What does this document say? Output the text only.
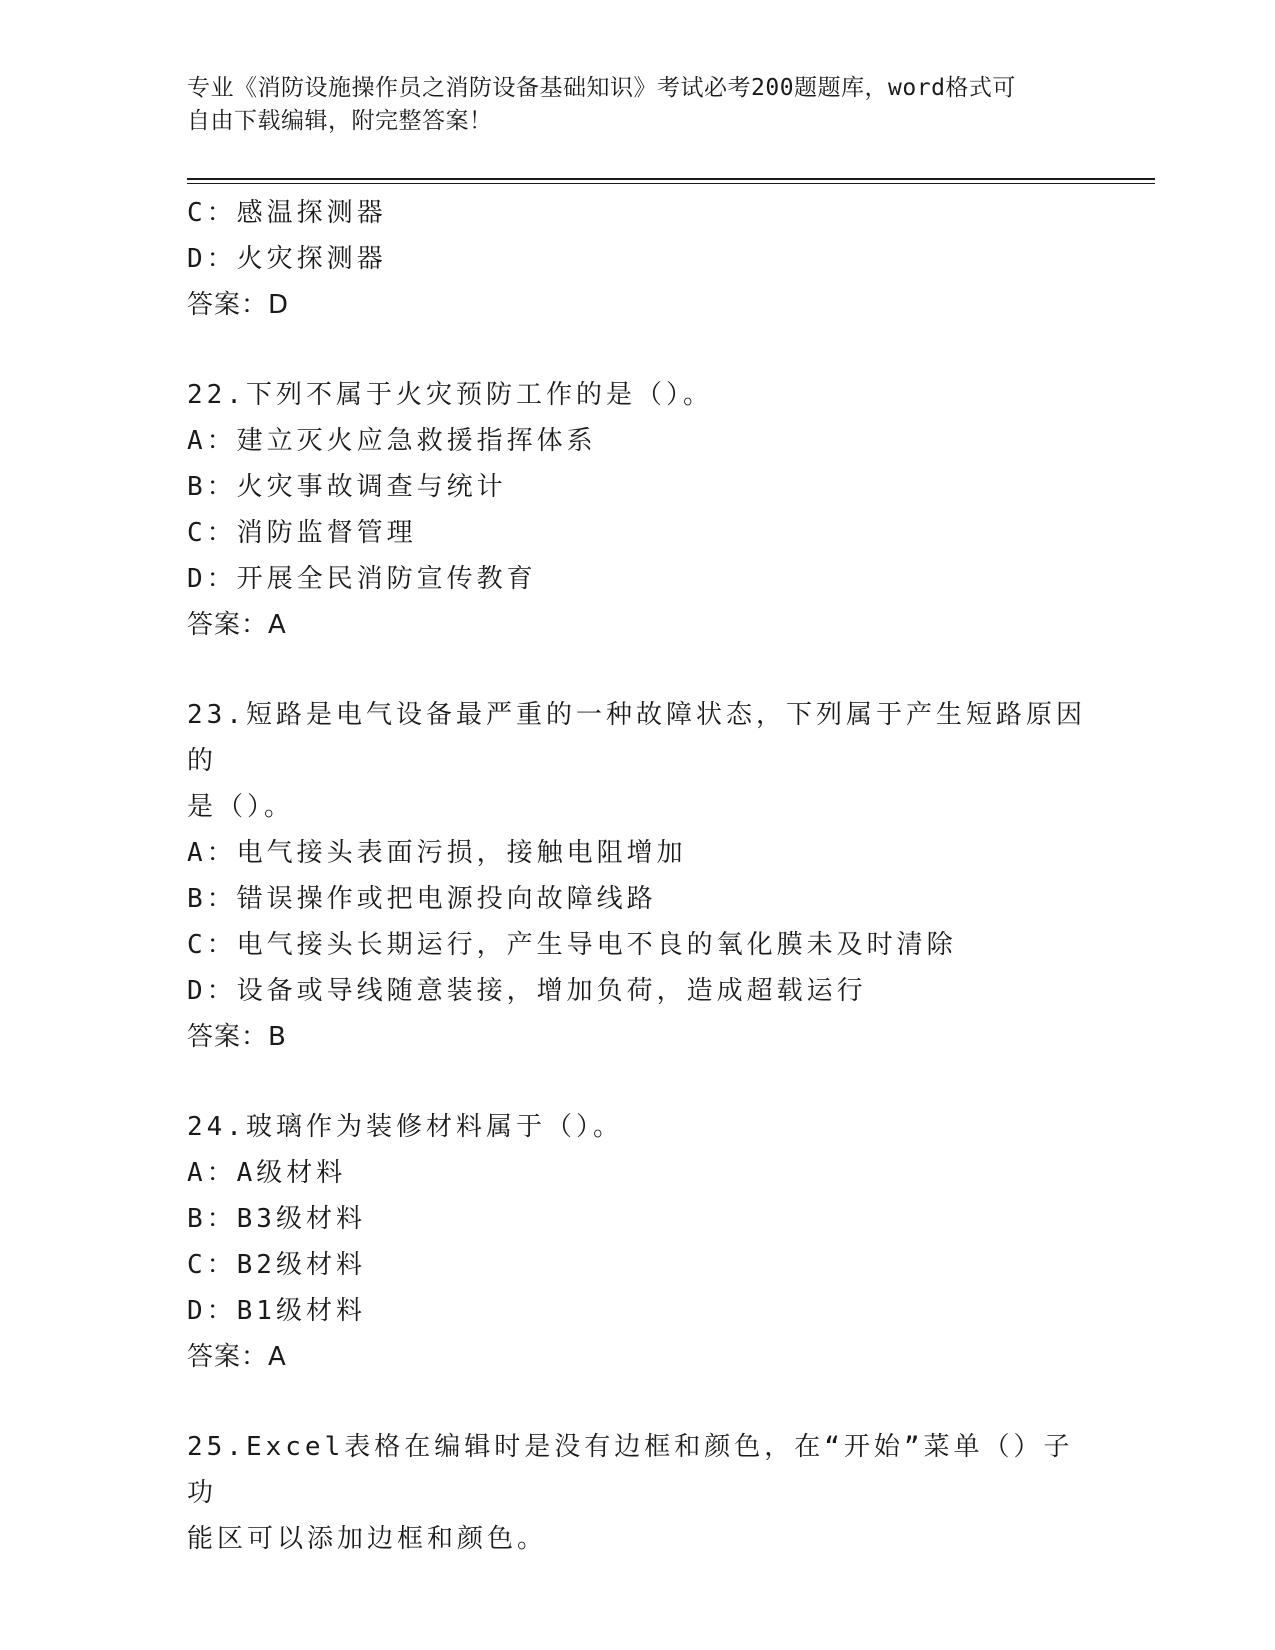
专业《消防设施操作员之消防设备基础知识》考试必考200题题库，word格式可
自由下载编辑，附完整答案！
C：感温探测器
D：火灾探测器
答案：D
22.下列不属于火灾预防工作的是（）。
A：建立灭火应急救援指挥体系
B：火灾事故调查与统计
C：消防监督管理
D：开展全民消防宣传教育
答案：A
23.短路是电气设备最严重的一种故障状态，下列属于产生短路原因的
是（）。
A：电气接头表面污损，接触电阻增加
B：错误操作或把电源投向故障线路
C：电气接头长期运行，产生导电不良的氧化膜未及时清除
D：设备或导线随意装接，增加负荷，造成超载运行
答案：B
24.玻璃作为装修材料属于（）。
A：A级材料
B：B3级材料
C：B2级材料
D：B1级材料
答案：A
25.Excel表格在编辑时是没有边框和颜色，在“开始”菜单（）子功
能区可以添加边框和颜色。
